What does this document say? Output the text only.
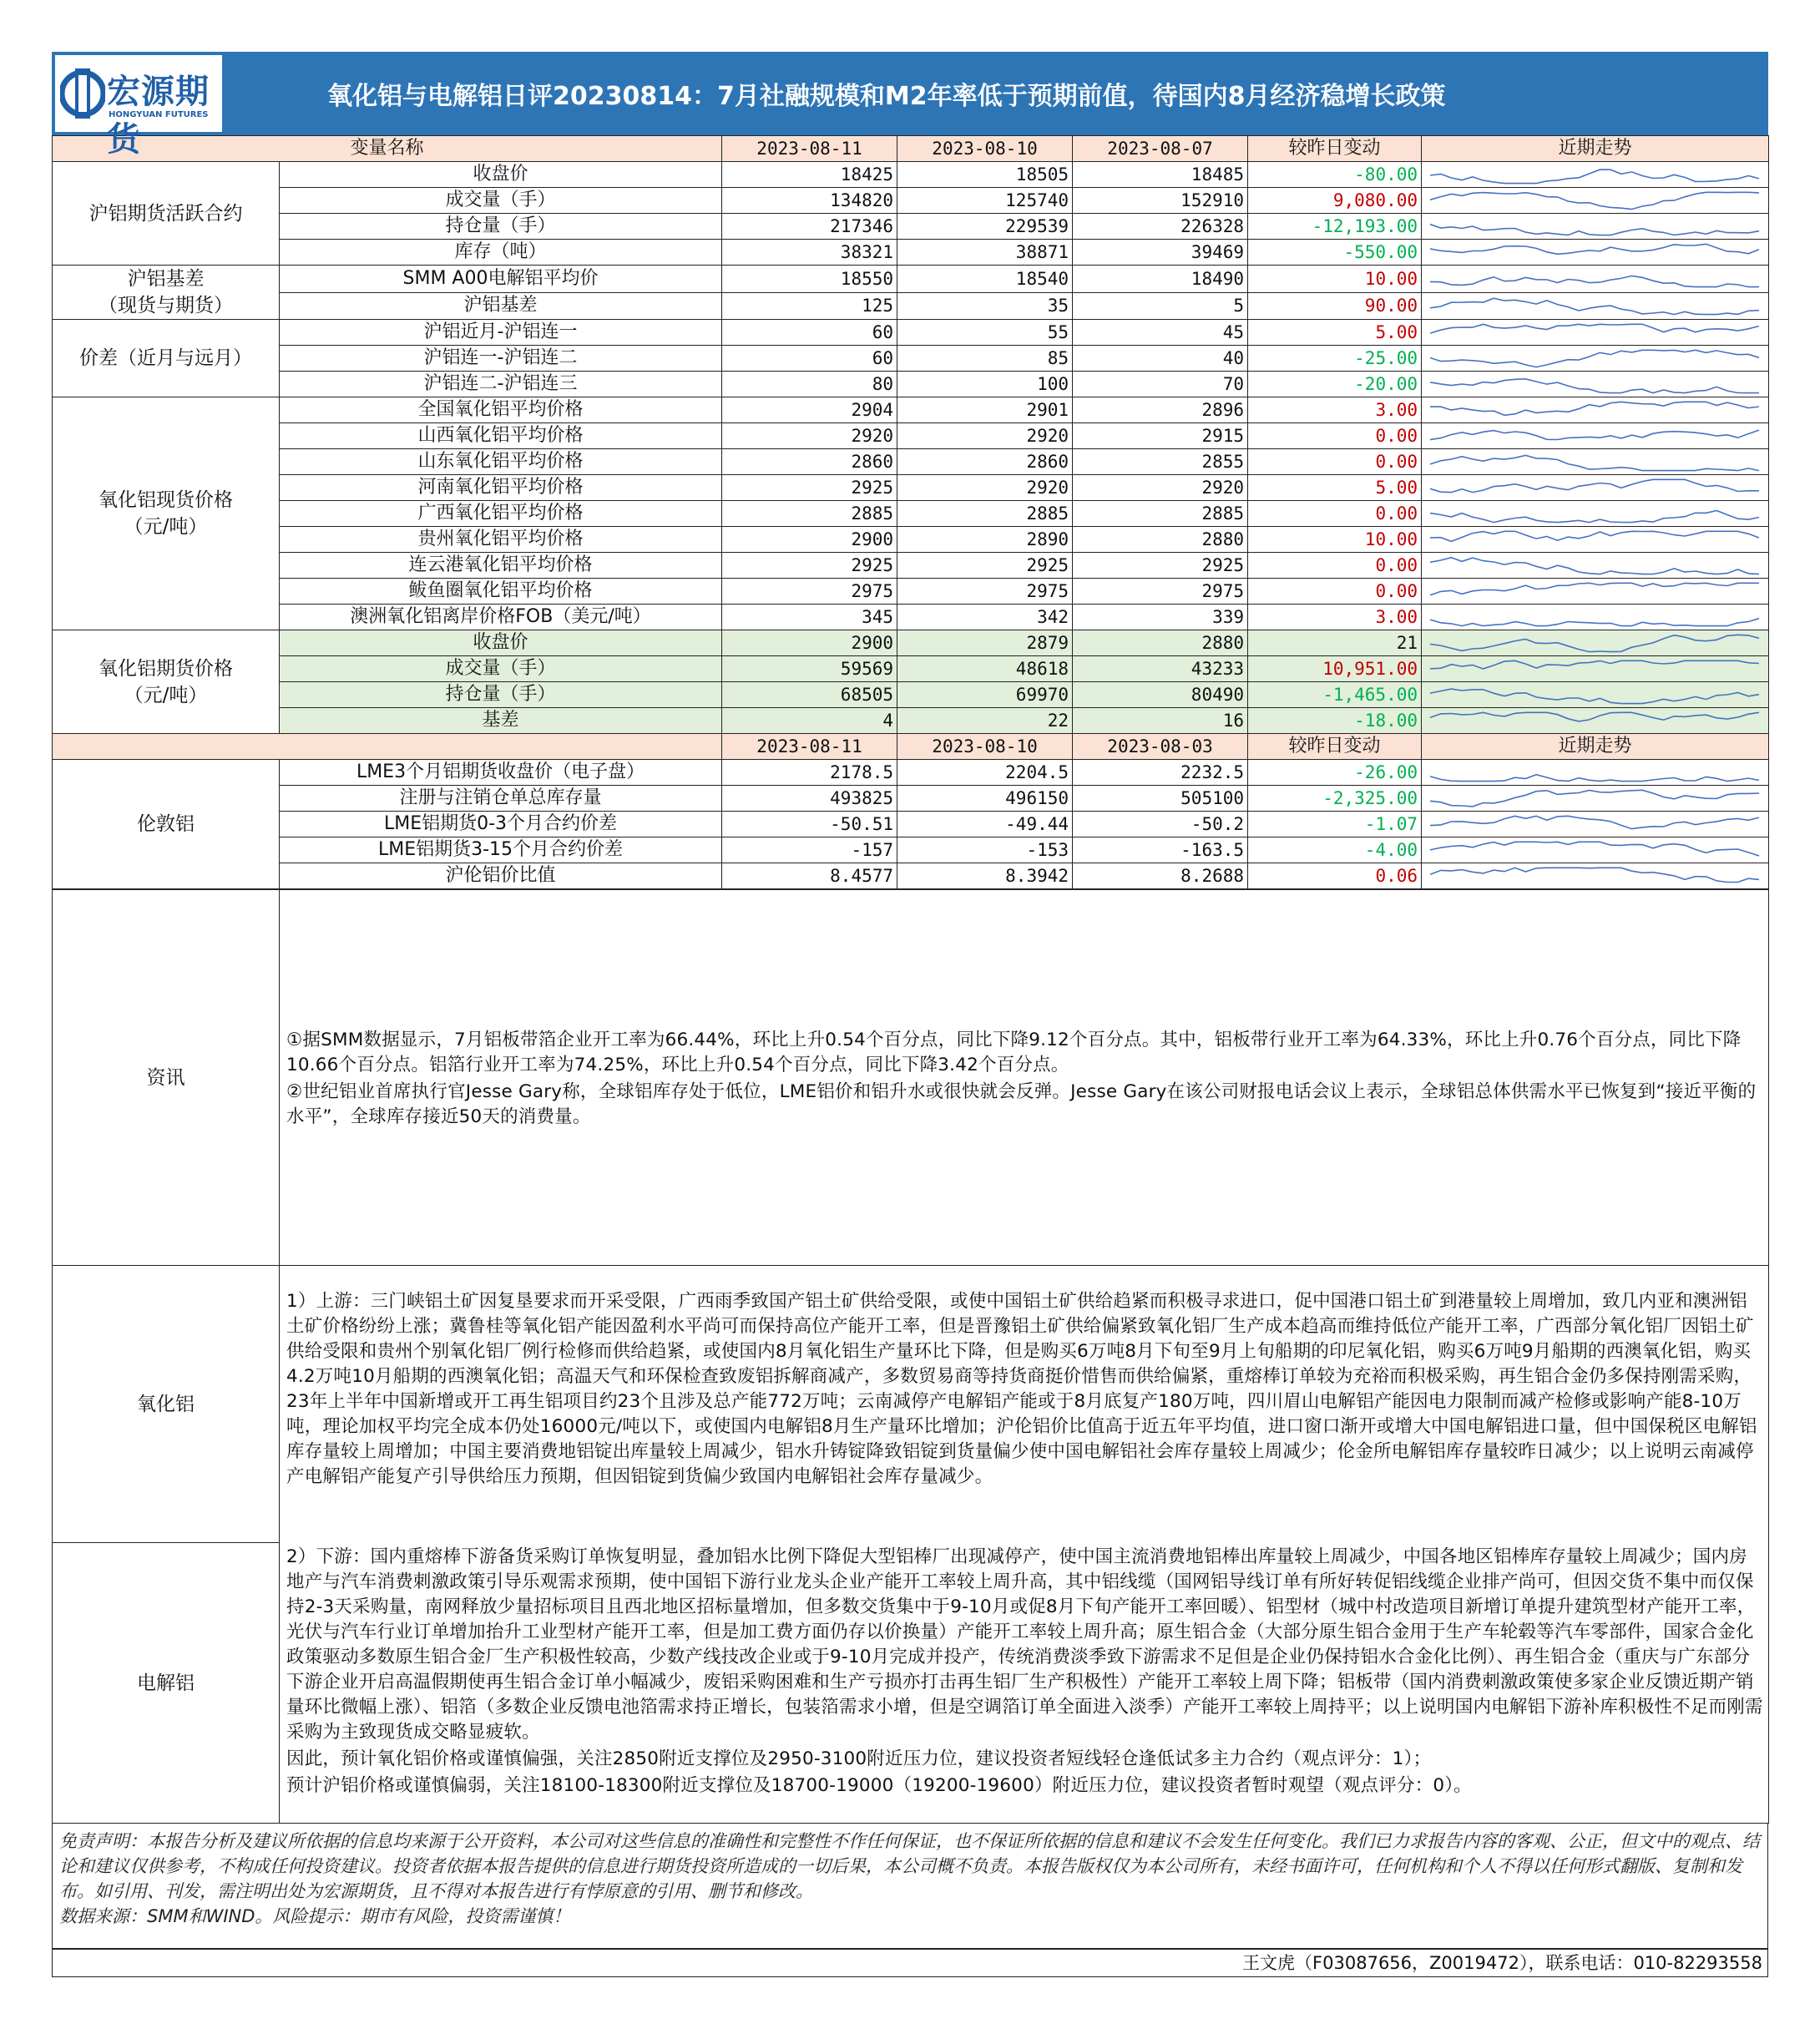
宏源期货
HONGYUAN FUTURES
氧化铝与电解铝日评20230814：7月社融规模和M2年率低于预期前值，待国内8月经济稳增长政策
变量名称		2023-08-11	2023-08-10	2023-08-07	较昨日变动	近期走势
沪铝期货活跃合约	收盘价	18425	18505	18485	-80.00	

	成交量（手）	134820	125740	152910	9,080.00	

	持仓量（手）	217346	229539	226328	-12,193.00	

	库存（吨）	38321	38871	39469	-550.00	

沪铝基差
（现货与期货）	SMM A00电解铝平均价	18550	18540	18490	10.00	

	沪铝基差	125	35	5	90.00	

价差（近月与远月）	沪铝近月-沪铝连一	60	55	45	5.00	

	沪铝连一-沪铝连二	60	85	40	-25.00	

	沪铝连二-沪铝连三	80	100	70	-20.00	

氧化铝现货价格
（元/吨）	全国氧化铝平均价格	2904	2901	2896	3.00	

	山西氧化铝平均价格	2920	2920	2915	0.00	

	山东氧化铝平均价格	2860	2860	2855	0.00	

	河南氧化铝平均价格	2925	2920	2920	5.00	

	广西氧化铝平均价格	2885	2885	2885	0.00	

	贵州氧化铝平均价格	2900	2890	2880	10.00	

	连云港氧化铝平均价格	2925	2925	2925	0.00	

	鲅鱼圈氧化铝平均价格	2975	2975	2975	0.00	

	澳洲氧化铝离岸价格FOB（美元/吨）	345	342	339	3.00	

氧化铝期货价格
（元/吨）	收盘价	2900	2879	2880	21	

	成交量（手）	59569	48618	43233	10,951.00	

	持仓量（手）	68505	69970	80490	-1,465.00	

	基差	4	22	16	-18.00	

		2023-08-11	2023-08-10	2023-08-03	较昨日变动	近期走势
伦敦铝	LME3个月铝期货收盘价（电子盘）	2178.5	2204.5	2232.5	-26.00	

	注册与注销仓单总库存量	493825	496150	505100	-2,325.00	

	LME铝期货0-3个月合约价差	-50.51	-49.44	-50.2	-1.07	

	LME铝期货3-15个月合约价差	-157	-153	-163.5	-4.00	

	沪伦铝价比值	8.4577	8.3942	8.2688	0.06	
资讯	①据SMM数据显示，7月铝板带箔企业开工率为66.44%，环比上升0.54个百分点，同比下降9.12个百分点。其中，铝板带行业开工率为64.33%，环比上升0.76个百分点，同比下降10.66个百分点。铝箔行业开工率为74.25%，环比上升0.54个百分点，同比下降3.42个百分点。
②世纪铝业首席执行官Jesse Gary称，全球铝库存处于低位，LME铝价和铝升水或很快就会反弹。Jesse Gary在该公司财报电话会议上表示，全球铝总体供需水平已恢复到“接近平衡的水平”，全球库存接近50天的消费量。

氧化铝	1）上游：三门峡铝土矿因复垦要求而开采受限，广西雨季致国产铝土矿供给受限，或使中国铝土矿供给趋紧而积极寻求进口，促中国港口铝土矿到港量较上周增加，致几内亚和澳洲铝土矿价格纷纷上涨；冀鲁桂等氧化铝产能因盈利水平尚可而保持高位产能开工率，但是晋豫铝土矿供给偏紧致氧化铝厂生产成本趋高而维持低位产能开工率，广西部分氧化铝厂因铝土矿供给受限和贵州个别氧化铝厂例行检修而供给趋紧，或使国内8月氧化铝生产量环比下降，但是购买6万吨8月下旬至9月上旬船期的印尼氧化铝，购买6万吨9月船期的西澳氧化铝，购买4.2万吨10月船期的西澳氧化铝；高温天气和环保检查致废铝拆解商减产，多数贸易商等持货商挺价惜售而供给偏紧，重熔棒订单较为充裕而积极采购，再生铝合金仍多保持刚需采购，23年上半年中国新增或开工再生铝项目约23个且涉及总产能772万吨；云南减停产电解铝产能或于8月底复产180万吨，四川眉山电解铝产能因电力限制而减产检修或影响产能8-10万吨，理论加权平均完全成本仍处16000元/吨以下，或使国内电解铝8月生产量环比增加；沪伦铝价比值高于近五年平均值，进口窗口渐开或增大中国电解铝进口量，但中国保税区电解铝库存量较上周增加；中国主要消费地铝锭出库量较上周减少，铝水升铸锭降致铝锭到货量偏少使中国电解铝社会库存量较上周减少；伦金所电解铝库存量较昨日减少；以上说明云南减停产电解铝产能复产引导供给压力预期，但因铝锭到货偏少致国内电解铝社会库存量减少。

电解铝	2）下游：国内重熔棒下游备货采购订单恢复明显，叠加铝水比例下降促大型铝棒厂出现减停产，使中国主流消费地铝棒出库量较上周减少，中国各地区铝棒库存量较上周减少；国内房地产与汽车消费刺激政策引导乐观需求预期，使中国铝下游行业龙头企业产能开工率较上周升高，其中铝线缆（国网铝导线订单有所好转促铝线缆企业排产尚可，但因交货不集中而仅保持2-3天采购量，南网释放少量招标项目且西北地区招标量增加，但多数交货集中于9-10月或促8月下旬产能开工率回暖）、铝型材（城中村改造项目新增订单提升建筑型材产能开工率，光伏与汽车行业订单增加抬升工业型材产能开工率，但是加工费方面仍存以价换量）产能开工率较上周升高；原生铝合金（大部分原生铝合金用于生产车轮毂等汽车零部件，国家合金化政策驱动多数原生铝合金厂生产积极性较高，少数产线技改企业或于9-10月完成并投产，传统消费淡季致下游需求不足但是企业仍保持铝水合金化比例）、再生铝合金（重庆与广东部分下游企业开启高温假期使再生铝合金订单小幅减少，废铝采购困难和生产亏损亦打击再生铝厂生产积极性）产能开工率较上周下降；铝板带（国内消费刺激政策使多家企业反馈近期产销量环比微幅上涨）、铝箔（多数企业反馈电池箔需求持正增长，包装箔需求小增，但是空调箔订单全面进入淡季）产能开工率较上周持平；以上说明国内电解铝下游补库积极性不足而刚需采购为主致现货成交略显疲软。
因此，预计氧化铝价格或谨慎偏强，关注2850附近支撑位及2950-3100附近压力位，建议投资者短线轻仓逢低试多主力合约（观点评分：1）；
预计沪铝价格或谨慎偏弱，关注18100-18300附近支撑位及18700-19000（19200-19600）附近压力位，建议投资者暂时观望（观点评分：0）。
免责声明：本报告分析及建议所依据的信息均来源于公开资料，本公司对这些信息的准确性和完整性不作任何保证，也不保证所依据的信息和建议不会发生任何变化。我们已力求报告内容的客观、公正，但文中的观点、结论和建议仅供参考，不构成任何投资建议。投资者依据本报告提供的信息进行期货投资所造成的一切后果，本公司概不负责。本报告版权仅为本公司所有，未经书面许可，任何机构和个人不得以任何形式翻版、复制和发布。如引用、刊发，需注明出处为宏源期货，且不得对本报告进行有悖原意的引用、删节和修改。
数据来源：SMM和WIND。风险提示：期市有风险，投资需谨慎！
王文虎（F03087656，Z0019472），联系电话：010-82293558
